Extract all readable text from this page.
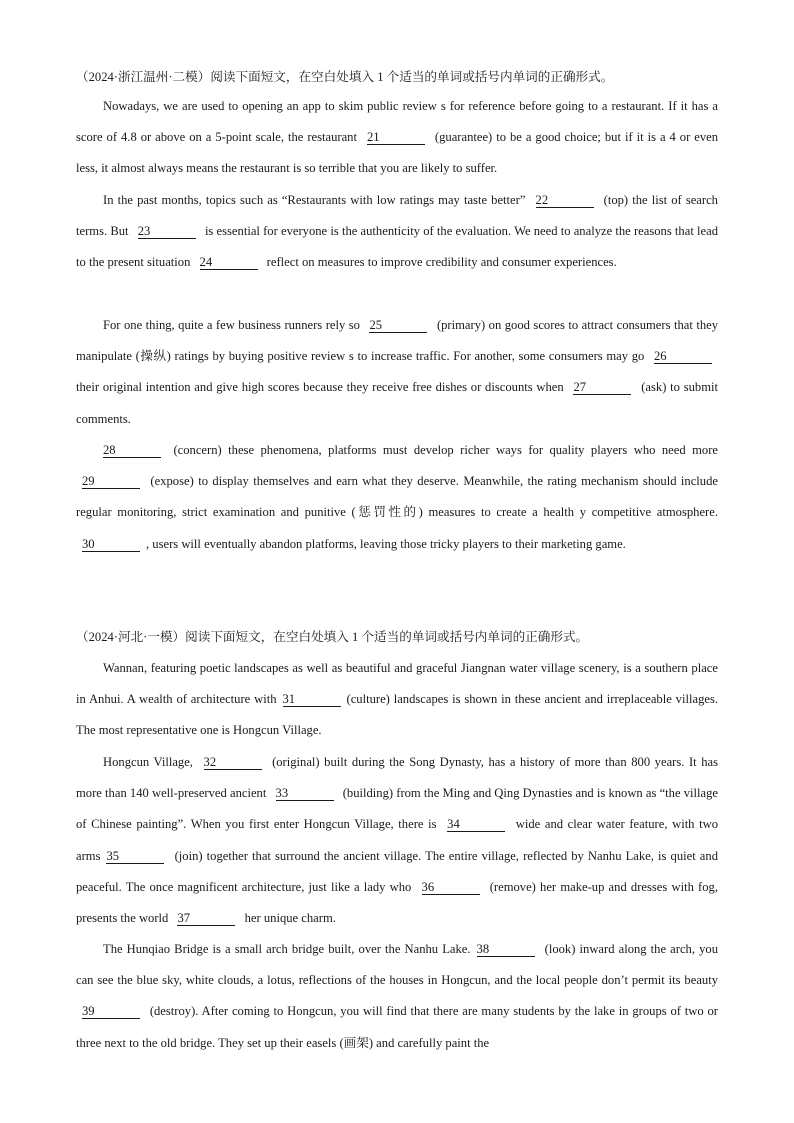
（2024·浙江温州·二模）阅读下面短文，在空白处填入 1 个适当的单词或括号内单词的正确形式。
Nowadays, we are used to opening an app to skim public review s for reference before going to a restaurant. If it has a score of 4.8 or above on a 5-point scale, the restaurant 21	(guarantee) to be a good choice; but if it is a 4 or even less, it almost always means the restaurant is so terrible that you are likely to suffer.
In the past months, topics such as “Restaurants with low ratings may taste better” 22	(top) the list of search terms. But 23	is essential for everyone is the authenticity of the evaluation. We need to analyze the reasons that lead to the present situation 24	reflect on measures to improve credibility and consumer experiences.
For one thing, quite a few business runners rely so 25	(primary) on good scores to attract consumers that they manipulate (操纵) ratings by buying positive review s to increase traffic. For another, some consumers may go 26 their original intention and give high scores because they receive free dishes or discounts when 27	(ask) to submit comments.
28	(concern) these phenomena, platforms must develop richer ways for quality players who need more 29	(expose) to display themselves and earn what they deserve. Meanwhile, the rating mechanism should include regular monitoring, strict examination and punitive (惩罚性的) measures to create a health y competitive atmosphere. 30	, users will eventually abandon platforms, leaving those tricky players to their marketing game.
（2024·河北·一模）阅读下面短文，在空白处填入 1 个适当的单词或括号内单词的正确形式。
Wannan, featuring poetic landscapes as well as beautiful and graceful Jiangnan water village scenery, is a southern place in Anhui. A wealth of architecture with 31	(culture) landscapes is shown in these ancient and irreplaceable villages. The most representative one is Hongcun Village.
Hongcun Village, 32	(original) built during the Song Dynasty, has a history of more than 800 years. It has more than 140 well-preserved ancient 33	(building) from the Ming and Qing Dynasties and is known as “the village of Chinese painting”. When you first enter Hongcun Village, there is 34	wide and clear water feature, with two arms 35	(join) together that surround the ancient village. The entire village, reflected by Nanhu Lake, is quiet and peaceful. The once magnificent architecture, just like a lady who 36	(remove) her make-up and dresses with fog, presents the world 37	her unique charm.
The Hunqiao Bridge is a small arch bridge built, over the Nanhu Lake. 38	(look) inward along the arch, you can see the blue sky, white clouds, a lotus, reflections of the houses in Hongcun, and the local people don’t permit its beauty 39	(destroy). After coming to Hongcun, you will find that there are many students by the lake in groups of two or three next to the old bridge. They set up their easels (画架) and carefully paint the
